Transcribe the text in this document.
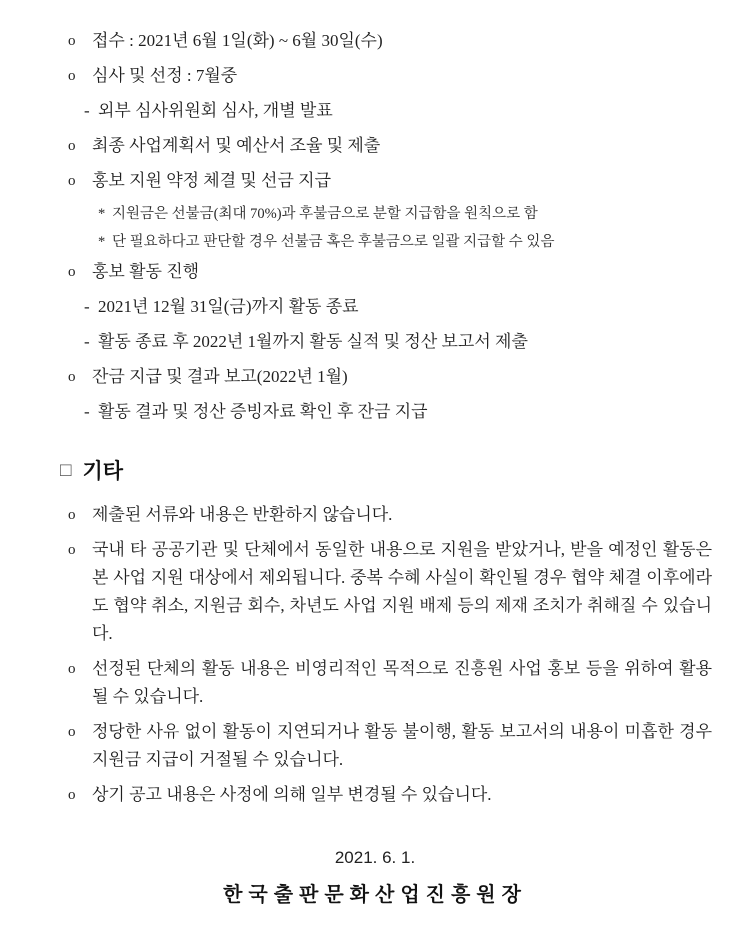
o 접수 : 2021년 6월 1일(화) ~ 6월 30일(수)
o 심사 및 선정 : 7월중
- 외부 심사위원회 심사, 개별 발표
o 최종 사업계획서 및 예산서 조율 및 제출
o 홍보 지원 약정 체결 및 선금 지급
* 지원금은 선불금(최대 70%)과 후불금으로 분할 지급함을 원칙으로 함
* 단 필요하다고 판단할 경우 선불금 혹은 후불금으로 일괄 지급할 수 있음
o 홍보 활동 진행
- 2021년 12월 31일(금)까지 활동 종료
- 활동 종료 후 2022년 1월까지 활동 실적 및 정산 보고서 제출
o 잔금 지급 및 결과 보고(2022년 1월)
- 활동 결과 및 정산 증빙자료 확인 후 잔금 지급
□ 기타
o 제출된 서류와 내용은 반환하지 않습니다.
o 국내 타 공공기관 및 단체에서 동일한 내용으로 지원을 받았거나, 받을 예정인 활동은 본 사업 지원 대상에서 제외됩니다. 중복 수혜 사실이 확인될 경우 협약 체결 이후에라도 협약 취소, 지원금 회수, 차년도 사업 지원 배제 등의 제재 조치가 취해질 수 있습니다.
o 선정된 단체의 활동 내용은 비영리적인 목적으로 진흥원 사업 홍보 등을 위하여 활용될 수 있습니다.
o 정당한 사유 없이 활동이 지연되거나 활동 불이행, 활동 보고서의 내용이 미흡한 경우 지원금 지급이 거절될 수 있습니다.
o 상기 공고 내용은 사정에 의해 일부 변경될 수 있습니다.
2021. 6. 1.
한국출판문화산업진흥원장
